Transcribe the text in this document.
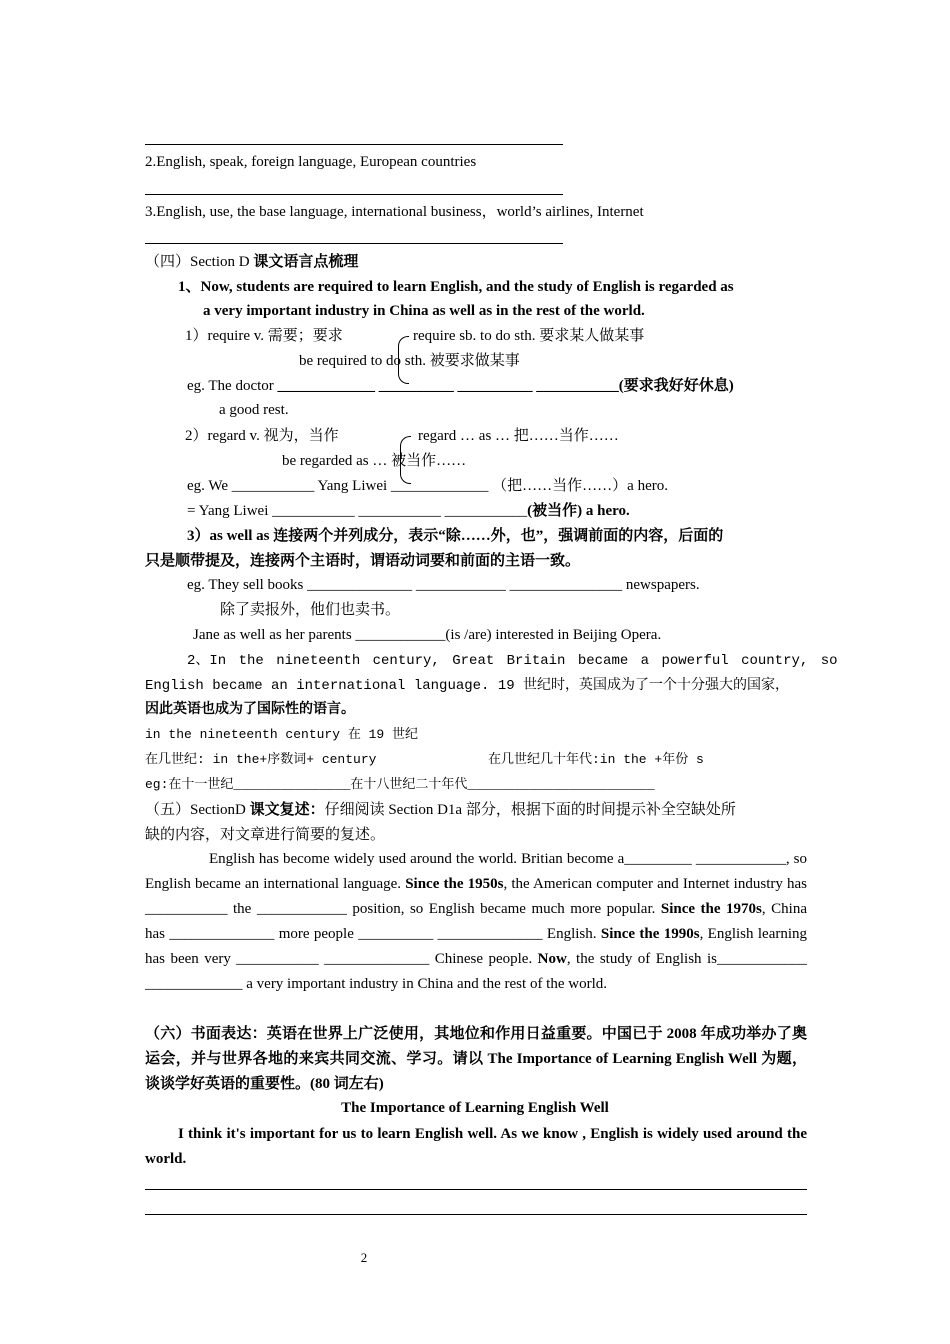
2.English, speak, foreign language, European countries
3.English, use, the base language, international business，world’s airlines, Internet
（四）Section D 课文语言点梳理
1、Now, students are required to learn English, and the study of English is regarded as
a very important industry in China as well as in the rest of the world.
1）require v. 需要；要求	require sb. to do sth. 要求某人做某事
be required to do sth. 被要求做某事
eg. The doctor _____________ __________ __________ ___________(要求我好好休息)
a good rest.
2）regard v. 视为，当作	regard … as … 把……当作……
be regarded as … 被当作……
eg. We ___________ Yang Liwei _____________ （把……当作……）a hero.
= Yang Liwei ___________ ___________ ___________(被当作) a hero.
3）as well as 连接两个并列成分，表示“除……外，也”，强调前面的内容，后面的
只是顺带提及，连接两个主语时，谓语动词要和前面的主语一致。
eg. They sell books ______________ ____________ _______________ newspapers.
除了卖报外，他们也卖书。
Jane as well as her parents ____________(is /are) interested in Beijing Opera.
2、In the nineteenth century, Great Britain became a powerful country, so
English became an international language. 19 世纪时，英国成为了一个十分强大的国家，
因此英语也成为了国际性的语言。
in the nineteenth century 在 19 世纪
在几世纪: in the+序数词+ century	在几世纪几十年代:in the +年份 s
eg:在十一世纪_______________在十八世纪二十年代________________________
（五）SectionD 课文复述：仔细阅读 Section D1a 部分，根据下面的时间提示补全空缺处所
缺的内容，对文章进行简要的复述。
English has become widely used around the world. Britian become a_________ ____________, so English became an international language. Since the 1950s, the American computer and Internet industry has ___________ the ____________ position, so English became much more popular. Since the 1970s, China has ______________ more people __________ ______________ English. Since the 1990s, English learning has been very ___________ ______________ Chinese people. Now, the study of English is____________ _____________ a very important industry in China and the rest of the world.
（六）书面表达：英语在世界上广泛使用，其地位和作用日益重要。中国已于 2008 年成功举办了奥运会，并与世界各地的来宾共同交流、学习。请以 The Importance of Learning English Well 为题，谈谈学好英语的重要性。(80 词左右)
The Importance of Learning English Well
I think it's important for us to learn English well. As we know , English is widely used around the world.
2
